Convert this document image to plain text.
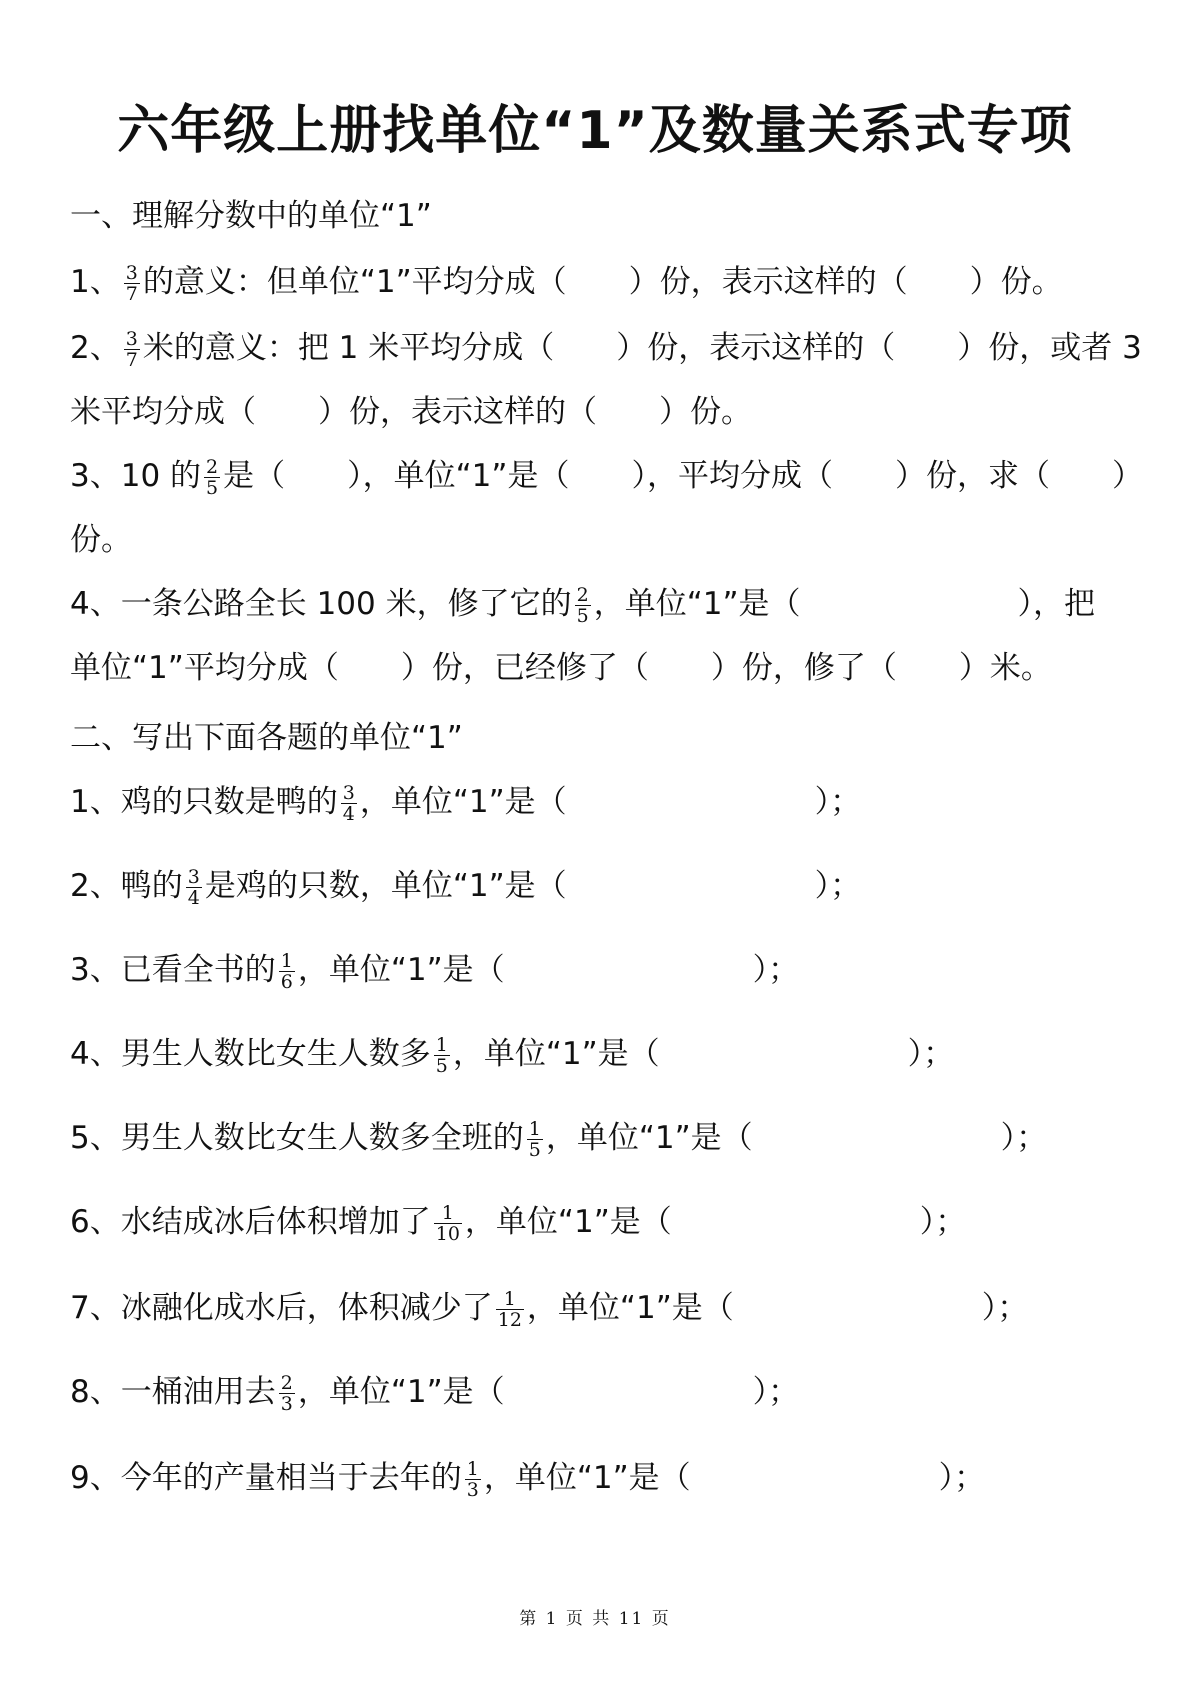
六年级上册找单位“1”及数量关系式专项
一、理解分数中的单位“1”
1、 $\frac{3}{7}$ 的意义：但单位“1”平均分成（　　）份，表示这样的（　　）份。
2、 $\frac{3}{7}$ 米的意义：把 1 米平均分成（　　）份，表示这样的（　　）份，或者 3
米平均分成（　　）份，表示这样的（　　）份。
3、10 的 $\frac{2}{5}$ 是（　　），单位“1”是（　　），平均分成（　　）份，求（　　）
份。
4、一条公路全长 100 米，修了它的 $\frac{2}{5}$ ，单位“1”是（　　　　　　　），把
单位“1”平均分成（　　）份，已经修了（　　）份，修了（　　）米。
二、写出下面各题的单位“1”
1、鸡的只数是鸭的 $\frac{3}{4}$ ，单位“1”是（　　　　　　　　）；
2、鸭的 $\frac{3}{4}$ 是鸡的只数，单位“1”是（　　　　　　　　）；
3、已看全书的 $\frac{1}{6}$ ，单位“1”是（　　　　　　　　）；
4、男生人数比女生人数多 $\frac{1}{5}$ ，单位“1”是（　　　　　　　　）；
5、男生人数比女生人数多全班的 $\frac{1}{5}$ ，单位“1”是（　　　　　　　　）；
6、水结成冰后体积增加了 $\frac{1}{10}$ ，单位“1”是（　　　　　　　　）；
7、冰融化成水后，体积减少了 $\frac{1}{12}$ ，单位“1”是（　　　　　　　　）；
8、一桶油用去 $\frac{2}{3}$ ，单位“1”是（　　　　　　　　）；
9、今年的产量相当于去年的 $\frac{1}{3}$ ，单位“1”是（　　　　　　　　）；
第 1 页 共 11 页
